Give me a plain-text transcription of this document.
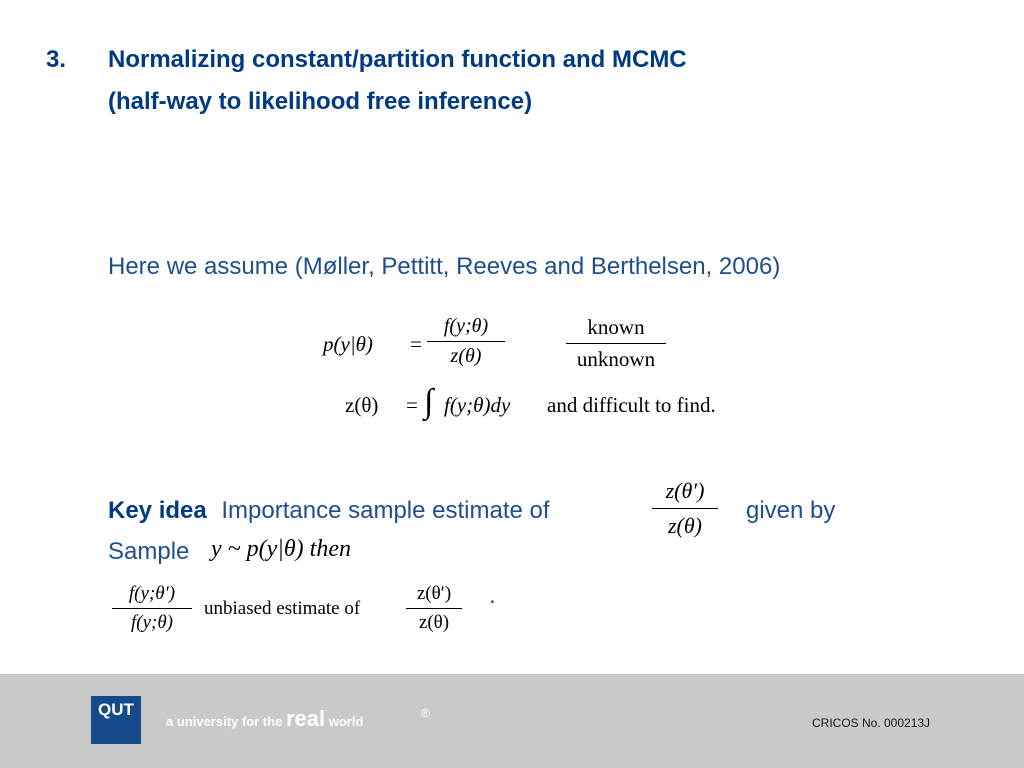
3. Normalizing constant/partition function and MCMC
(half-way to likelihood free inference)
Here we assume (Møller, Pettitt, Reeves and Berthelsen, 2006)
p(y|θ) =
f(y;θ)
z(θ)
known
unknown
z(θ) = ∫ f(y;θ)dy and difficult to find.
Key idea Importance sample estimate of
z(θ′)
z(θ)
given by
Sample y ~ p(y|θ) then
f(y;θ′)
f(y;θ)
unbiased estimate of
z(θ′)
z(θ)
.
QUT
a university for the real world
®
CRICOS No. 000213J
